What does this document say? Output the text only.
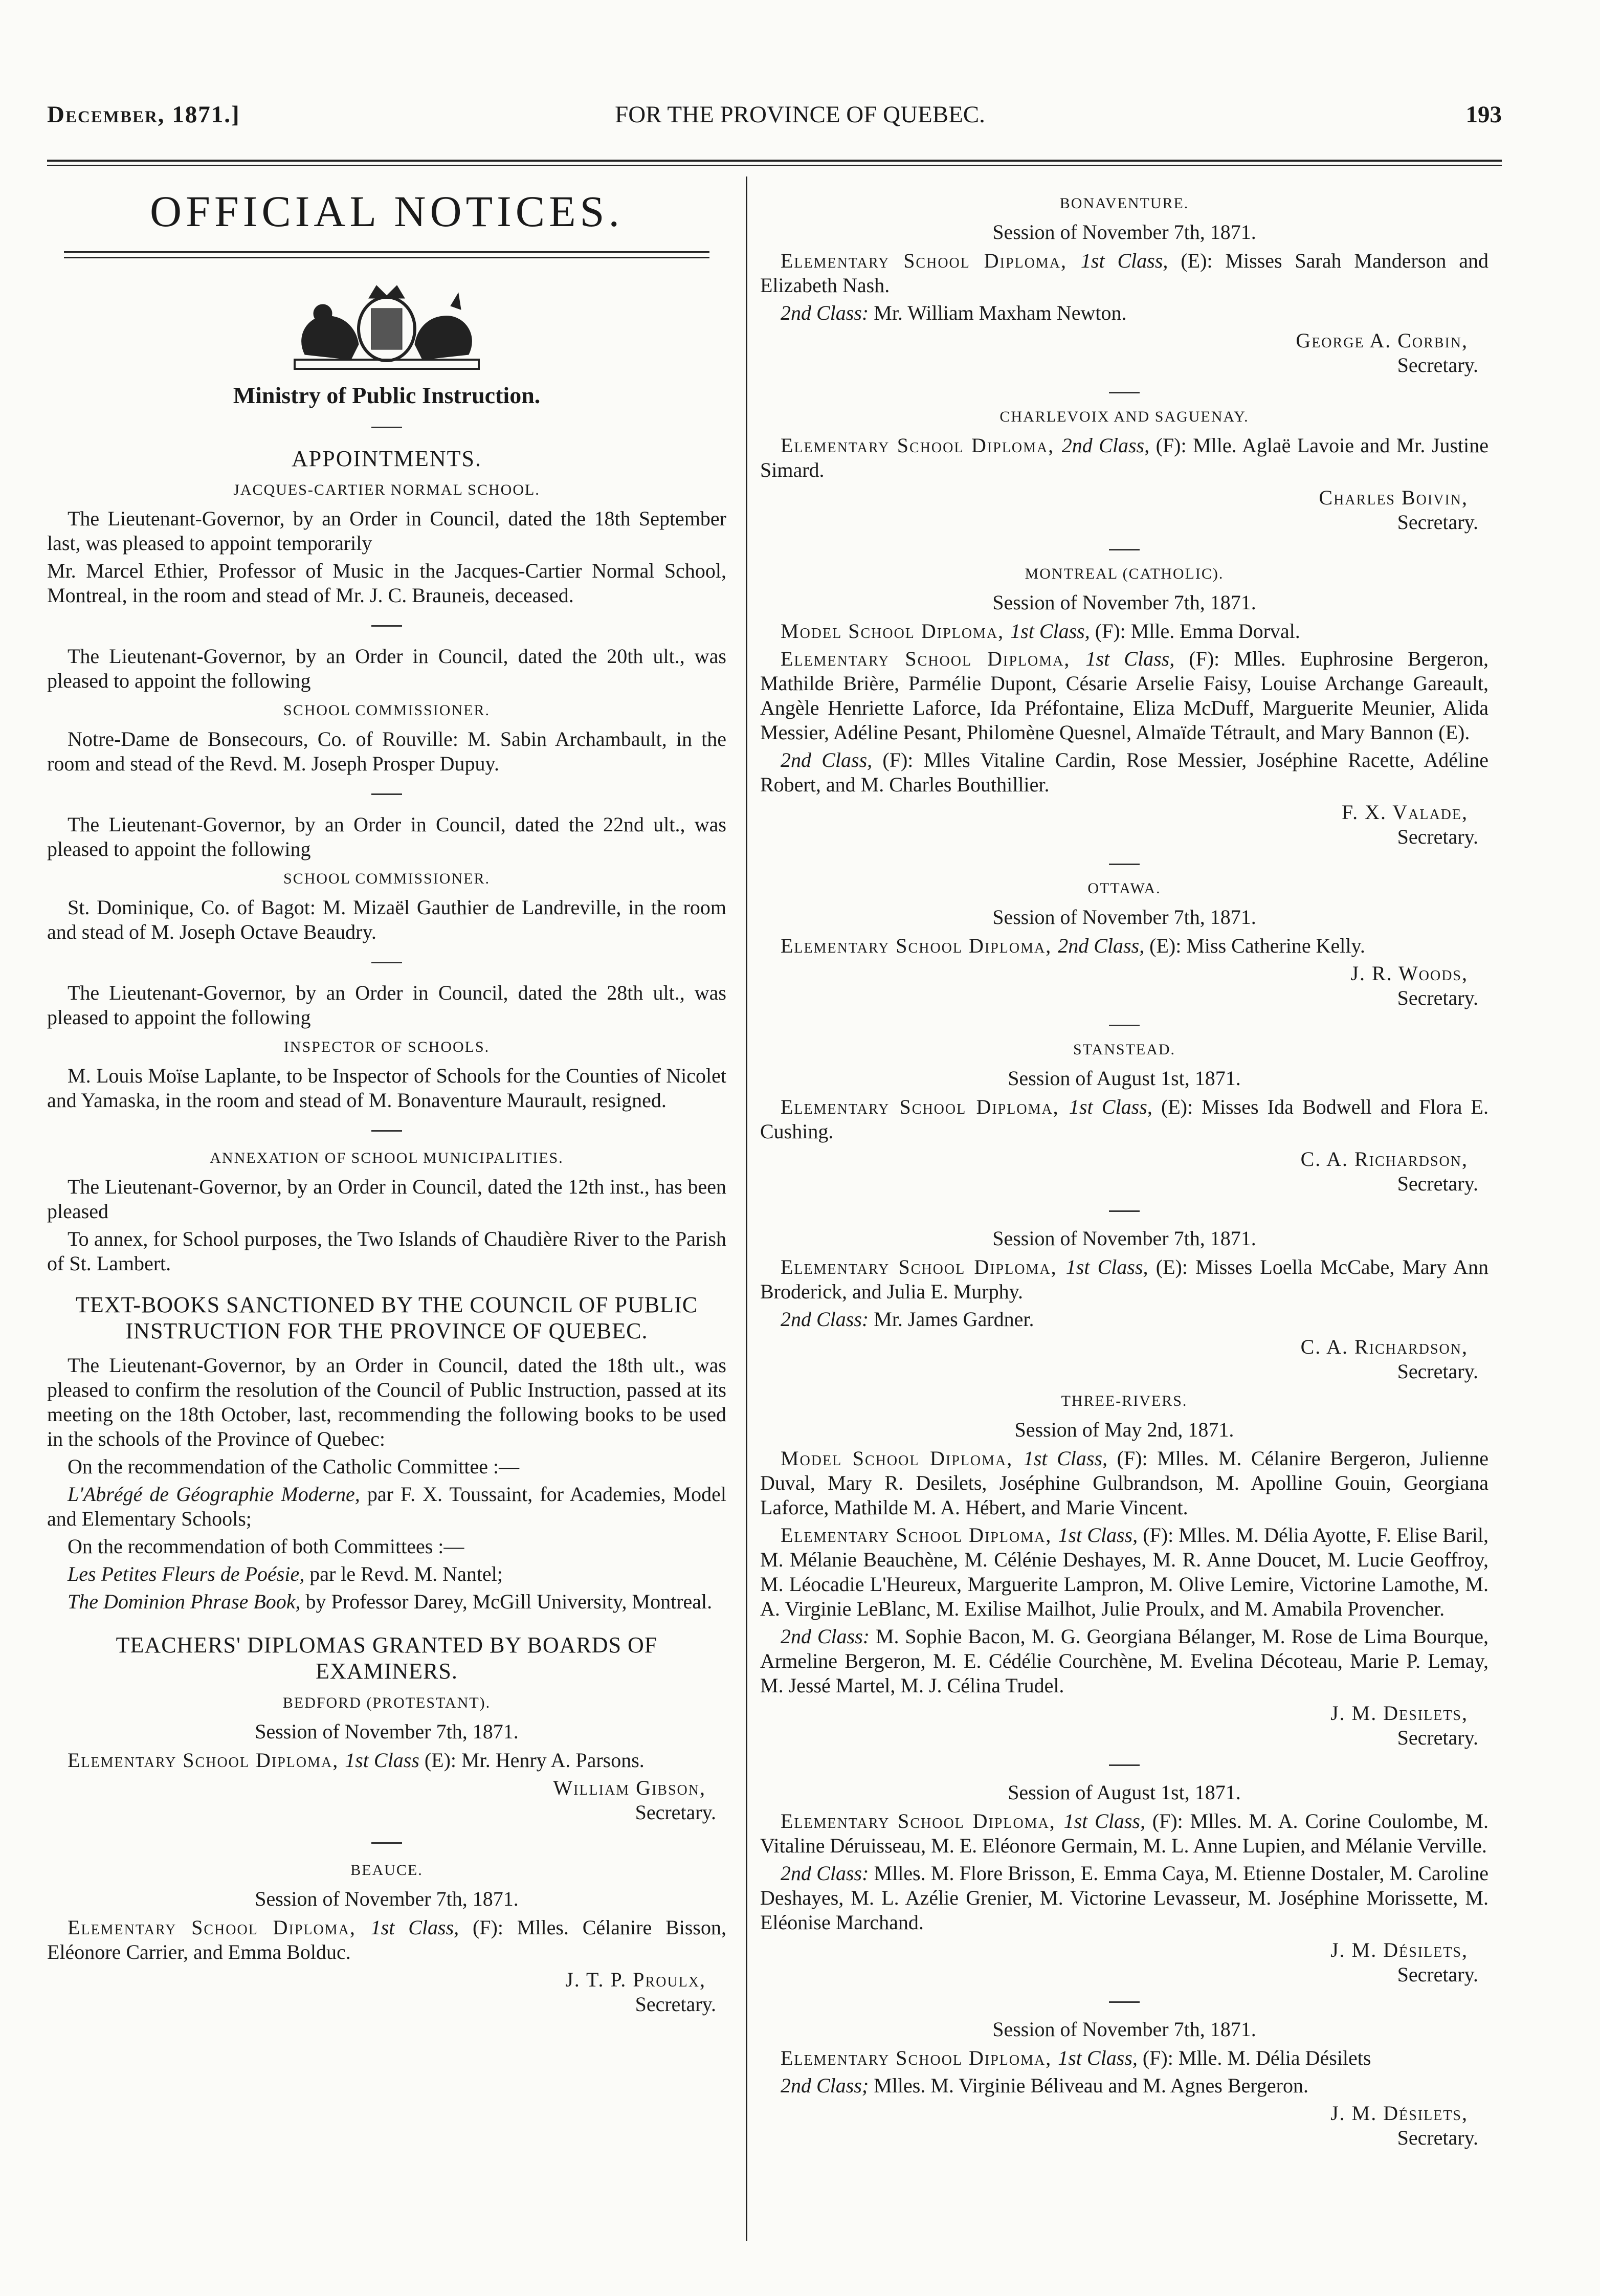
December, 1871.]	FOR THE PROVINCE OF QUEBEC.	193
OFFICIAL NOTICES.
Ministry of Public Instruction.
APPOINTMENTS.
JACQUES-CARTIER NORMAL SCHOOL.

The Lieutenant-Governor, by an Order in Council, dated the 18th September last, was pleased to appoint temporarily

Mr. Marcel Ethier, Professor of Music in the Jacques-Cartier Normal School, Montreal, in the room and stead of Mr. J. C. Brauneis, deceased.

The Lieutenant-Governor, by an Order in Council, dated the 20th ult., was pleased to appoint the following

SCHOOL COMMISSIONER.

Notre-Dame de Bonsecours, Co. of Rouville: M. Sabin Archambault, in the room and stead of the Revd. M. Joseph Prosper Dupuy.

The Lieutenant-Governor, by an Order in Council, dated the 22nd ult., was pleased to appoint the following

SCHOOL COMMISSIONER.

St. Dominique, Co. of Bagot: M. Mizaël Gauthier de Landreville, in the room and stead of M. Joseph Octave Beaudry.

The Lieutenant-Governor, by an Order in Council, dated the 28th ult., was pleased to appoint the following

INSPECTOR OF SCHOOLS.

M. Louis Moïse Laplante, to be Inspector of Schools for the Counties of Nicolet and Yamaska, in the room and stead of M. Bonaventure Maurault, resigned.

ANNEXATION OF SCHOOL MUNICIPALITIES.

The Lieutenant-Governor, by an Order in Council, dated the 12th inst., has been pleased

To annex, for School purposes, the Two Islands of Chaudière River to the Parish of St. Lambert.

TEXT-BOOKS SANCTIONED BY THE COUNCIL OF PUBLIC INSTRUCTION FOR THE PROVINCE OF QUEBEC.

The Lieutenant-Governor, by an Order in Council, dated the 18th ult., was pleased to confirm the resolution of the Council of Public Instruction, passed at its meeting on the 18th October, last, recommending the following books to be used in the schools of the Province of Quebec:

On the recommendation of the Catholic Committee :—

L'Abrégé de Géographie Moderne, par F. X. Toussaint, for Academies, Model and Elementary Schools;

On the recommendation of both Committees :—

Les Petites Fleurs de Poésie, par le Revd. M. Nantel;

The Dominion Phrase Book, by Professor Darey, McGill University, Montreal.

TEACHERS' DIPLOMAS GRANTED BY BOARDS OF EXAMINERS.
BEDFORD (PROTESTANT).
Session of November 7th, 1871.

Elementary School Diploma, 1st Class (E): Mr. Henry A. Parsons.

William Gibson,
Secretary.
BEAUCE.
Session of November 7th, 1871.

Elementary School Diploma, 1st Class, (F): Mlles. Célanire Bisson, Eléonore Carrier, and Emma Bolduc.

J. T. P. Proulx,
Secretary.
BONAVENTURE.
Session of November 7th, 1871.

Elementary School Diploma, 1st Class, (E): Misses Sarah Manderson and Elizabeth Nash.

2nd Class: Mr. William Maxham Newton.

George A. Corbin,
Secretary.
CHARLEVOIX AND SAGUENAY.

Elementary School Diploma, 2nd Class, (F): Mlle. Aglaë Lavoie and Mr. Justine Simard.

Charles Boivin,
Secretary.
MONTREAL (CATHOLIC).
Session of November 7th, 1871.

Model School Diploma, 1st Class, (F): Mlle. Emma Dorval.

Elementary School Diploma, 1st Class, (F): Mlles. Euphrosine Bergeron, Mathilde Brière, Parmélie Dupont, Césarie Arselie Faisy, Louise Archange Gareault, Angèle Henriette Laforce, Ida Préfontaine, Eliza McDuff, Marguerite Meunier, Alida Messier, Adéline Pesant, Philomène Quesnel, Almaïde Tétrault, and Mary Bannon (E).

2nd Class, (F): Mlles Vitaline Cardin, Rose Messier, Joséphine Racette, Adéline Robert, and M. Charles Bouthillier.

F. X. Valade,
Secretary.
OTTAWA.
Session of November 7th, 1871.

Elementary School Diploma, 2nd Class, (E): Miss Catherine Kelly.

J. R. Woods,
Secretary.
STANSTEAD.
Session of August 1st, 1871.

Elementary School Diploma, 1st Class, (E): Misses Ida Bodwell and Flora E. Cushing.

C. A. Richardson,
Secretary.
Session of November 7th, 1871.

Elementary School Diploma, 1st Class, (E): Misses Loella McCabe, Mary Ann Broderick, and Julia E. Murphy.

2nd Class: Mr. James Gardner.

C. A. Richardson,
Secretary.
THREE-RIVERS.
Session of May 2nd, 1871.

Model School Diploma, 1st Class, (F): Mlles. M. Célanire Bergeron, Julienne Duval, Mary R. Desilets, Joséphine Gulbrandson, M. Apolline Gouin, Georgiana Laforce, Mathilde M. A. Hébert, and Marie Vincent.

Elementary School Diploma, 1st Class, (F): Mlles. M. Délia Ayotte, F. Elise Baril, M. Mélanie Beauchène, M. Célénie Deshayes, M. R. Anne Doucet, M. Lucie Geoffroy, M. Léocadie L'Heureux, Marguerite Lampron, M. Olive Lemire, Victorine Lamothe, M. A. Virginie LeBlanc, M. Exilise Mailhot, Julie Proulx, and M. Amabila Provencher.

2nd Class: M. Sophie Bacon, M. G. Georgiana Bélanger, M. Rose de Lima Bourque, Armeline Bergeron, M. E. Cédélie Courchène, M. Evelina Décoteau, Marie P. Lemay, M. Jessé Martel, M. J. Célina Trudel.

J. M. Desilets,
Secretary.
Session of August 1st, 1871.

Elementary School Diploma, 1st Class, (F): Mlles. M. A. Corine Coulombe, M. Vitaline Déruisseau, M. E. Eléonore Germain, M. L. Anne Lupien, and Mélanie Verville.

2nd Class: Mlles. M. Flore Brisson, E. Emma Caya, M. Etienne Dostaler, M. Caroline Deshayes, M. L. Azélie Grenier, M. Victorine Levasseur, M. Joséphine Morissette, M. Eléonise Marchand.

J. M. Désilets,
Secretary.
Session of November 7th, 1871.

Elementary School Diploma, 1st Class, (F): Mlle. M. Délia Désilets

2nd Class; Mlles. M. Virginie Béliveau and M. Agnes Bergeron.

J. M. Désilets,
Secretary.
